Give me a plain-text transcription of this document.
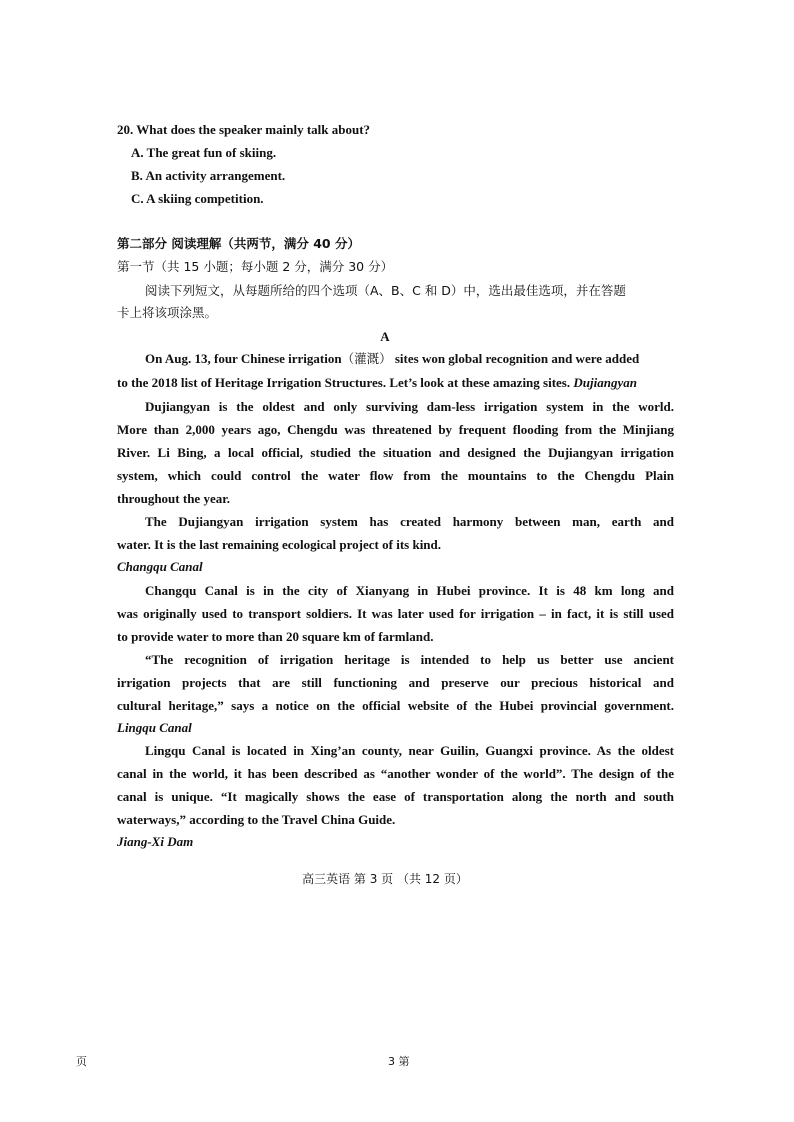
20. What does the speaker mainly talk about?
A. The great fun of skiing.
B. An activity arrangement.
C. A skiing competition.
第二部分 阅读理解（共两节，满分 40 分）
第一节（共 15 小题；每小题 2 分，满分 30 分）
阅读下列短文，从每题所给的四个选项（A、B、C 和 D）中，选出最佳选项，并在答题
卡上将该项涂黑。
A
On Aug. 13, four Chinese irrigation（灌溉） sites won global recognition and were added
to the 2018 list of Heritage Irrigation Structures. Let’s look at these amazing sites. Dujiangyan
Dujiangyan is the oldest and only surviving dam-less irrigation system in the world.
More than 2,000 years ago, Chengdu was threatened by frequent flooding from the Minjiang
River. Li Bing, a local official, studied the situation and designed the Dujiangyan irrigation
system, which could control the water flow from the mountains to the Chengdu Plain
throughout the year.
The Dujiangyan irrigation system has created harmony between man, earth and
water. It is the last remaining ecological project of its kind.
Changqu Canal
Changqu Canal is in the city of Xianyang in Hubei province. It is 48 km long and
was originally used to transport soldiers. It was later used for irrigation – in fact, it is still used
to provide water to more than 20 square km of farmland.
“The recognition of irrigation heritage is intended to help us better use ancient
irrigation projects that are still functioning and preserve our precious historical and
cultural heritage,” says a notice on the official website of the Hubei provincial government.
Lingqu Canal
Lingqu Canal is located in Xing’an county, near Guilin, Guangxi province. As the oldest
canal in the world, it has been described as “another wonder of the world”. The design of the
canal is unique. “It magically shows the ease of transportation along the north and south
waterways,” according to the Travel China Guide.
Jiang-Xi Dam
高三英语 第 3 页 （共 12 页）
页	3 第
